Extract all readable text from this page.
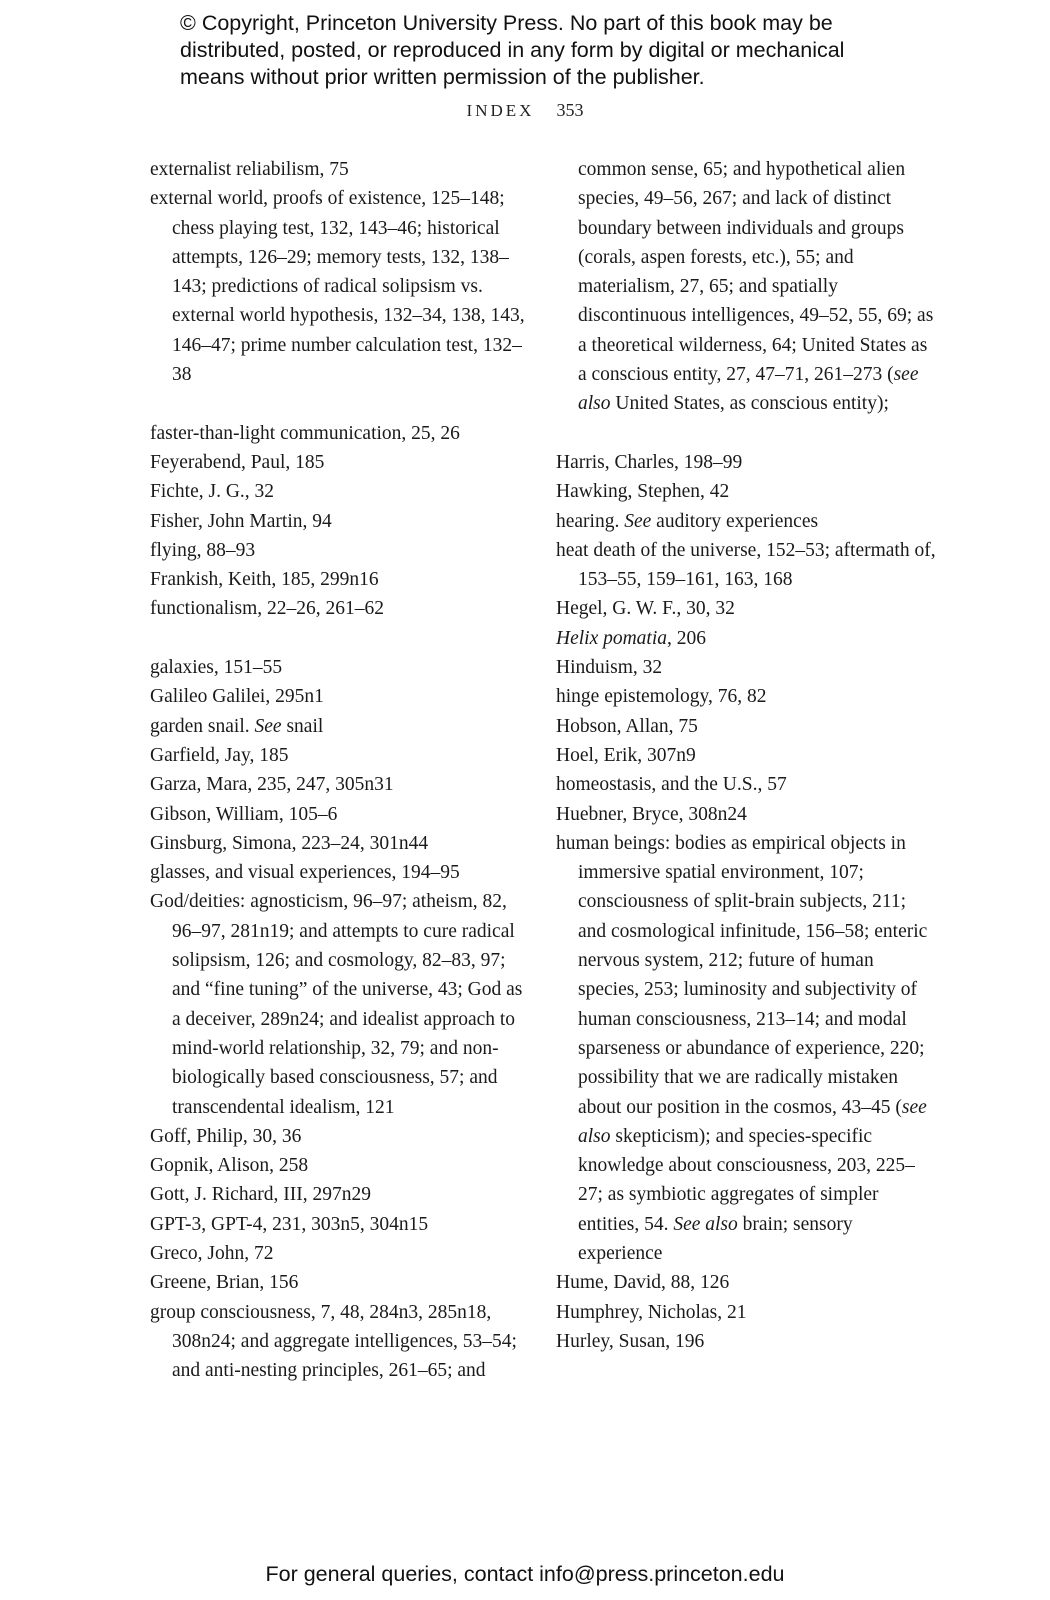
© Copyright, Princeton University Press. No part of this book may be
distributed, posted, or reproduced in any form by digital or mechanical
means without prior written permission of the publisher.
INDEX 353
externalist reliabilism, 75
external world, proofs of existence, 125–148; chess playing test, 132, 143–46; historical attempts, 126–29; memory tests, 132, 138–143; predictions of radical solipsism vs. external world hypothesis, 132–34, 138, 143, 146–47; prime number calculation test, 132–38
faster-than-light communication, 25, 26
Feyerabend, Paul, 185
Fichte, J. G., 32
Fisher, John Martin, 94
flying, 88–93
Frankish, Keith, 185, 299n16
functionalism, 22–26, 261–62
galaxies, 151–55
Galileo Galilei, 295n1
garden snail. See snail
Garfield, Jay, 185
Garza, Mara, 235, 247, 305n31
Gibson, William, 105–6
Ginsburg, Simona, 223–24, 301n44
glasses, and visual experiences, 194–95
God/deities: agnosticism, 96–97; atheism, 82, 96–97, 281n19; and attempts to cure radical solipsism, 126; and cosmology, 82–83, 97; and “fine tuning” of the universe, 43; God as a deceiver, 289n24; and idealist approach to mind-world relationship, 32, 79; and non-biologically based consciousness, 57; and transcendental idealism, 121
Goff, Philip, 30, 36
Gopnik, Alison, 258
Gott, J. Richard, III, 297n29
GPT-3, GPT-4, 231, 303n5, 304n15
Greco, John, 72
Greene, Brian, 156
group consciousness, 7, 48, 284n3, 285n18, 308n24; and aggregate intelligences, 53–54; and anti-nesting principles, 261–65; and
common sense, 65; and hypothetical alien species, 49–56, 267; and lack of distinct boundary between individuals and groups (corals, aspen forests, etc.), 55; and materialism, 27, 65; and spatially discontinuous intelligences, 49–52, 55, 69; as a theoretical wilderness, 64; United States as a conscious entity, 27, 47–71, 261–273 (see also United States, as conscious entity);
Harris, Charles, 198–99
Hawking, Stephen, 42
hearing. See auditory experiences
heat death of the universe, 152–53; aftermath of, 153–55, 159–161, 163, 168
Hegel, G. W. F., 30, 32
Helix pomatia, 206
Hinduism, 32
hinge epistemology, 76, 82
Hobson, Allan, 75
Hoel, Erik, 307n9
homeostasis, and the U.S., 57
Huebner, Bryce, 308n24
human beings: bodies as empirical objects in immersive spatial environment, 107; consciousness of split-brain subjects, 211; and cosmological infinitude, 156–58; enteric nervous system, 212; future of human species, 253; luminosity and subjectivity of human consciousness, 213–14; and modal sparseness or abundance of experience, 220; possibility that we are radically mistaken about our position in the cosmos, 43–45 (see also skepticism); and species-specific knowledge about consciousness, 203, 225–27; as symbiotic aggregates of simpler entities, 54. See also brain; sensory experience
Hume, David, 88, 126
Humphrey, Nicholas, 21
Hurley, Susan, 196
For general queries, contact info@press.princeton.edu
